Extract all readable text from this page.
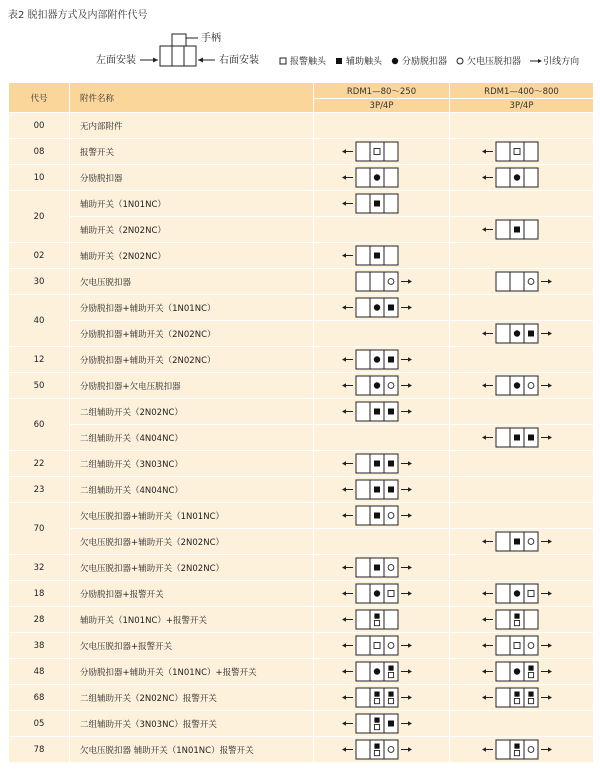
表2 脱扣器方式及内部附件代号
手柄
左面安装	右面安装	报警触头 辅助触头 分励脱扣器 欠电压脱扣器 引线方向
代号	附件名称	RDM1—80～250	RDM1—400～800
		3P/4P	3P/4P
00	无内部附件		
08	报警开关	

10	分励脱扣器	

20	辅助开关（1N01NC）	

	辅助开关（2N02NC）		

02	辅助开关（2N02NC）	

30	欠电压脱扣器	

40	分励脱扣器+辅助开关（1N01NC）	

	分励脱扣器+辅助开关（2N02NC）		

12	分励脱扣器+辅助开关（2N02NC）	

50	分励脱扣器+欠电压脱扣器	

60	二组辅助开关（2N02NC）	

	二组辅助开关（4N04NC）		

22	二组辅助开关（3N03NC）	

23	二组辅助开关（4N04NC）	

70	欠电压脱扣器+辅助开关（1N01NC）	

	欠电压脱扣器+辅助开关（2N02NC）		

32	欠电压脱扣器+辅助开关（2N02NC）	

18	分励脱扣器+报警开关	

28	辅助开关（1N01NC）+报警开关	

38	欠电压脱扣器+报警开关	

48	分励脱扣器+辅助开关（1N01NC）+报警开关	

68	二组辅助开关（2N02NC）报警开关	

05	二组辅助开关（3N03NC）报警开关	

78	欠电压脱扣器 辅助开关（1N01NC）报警开关	
